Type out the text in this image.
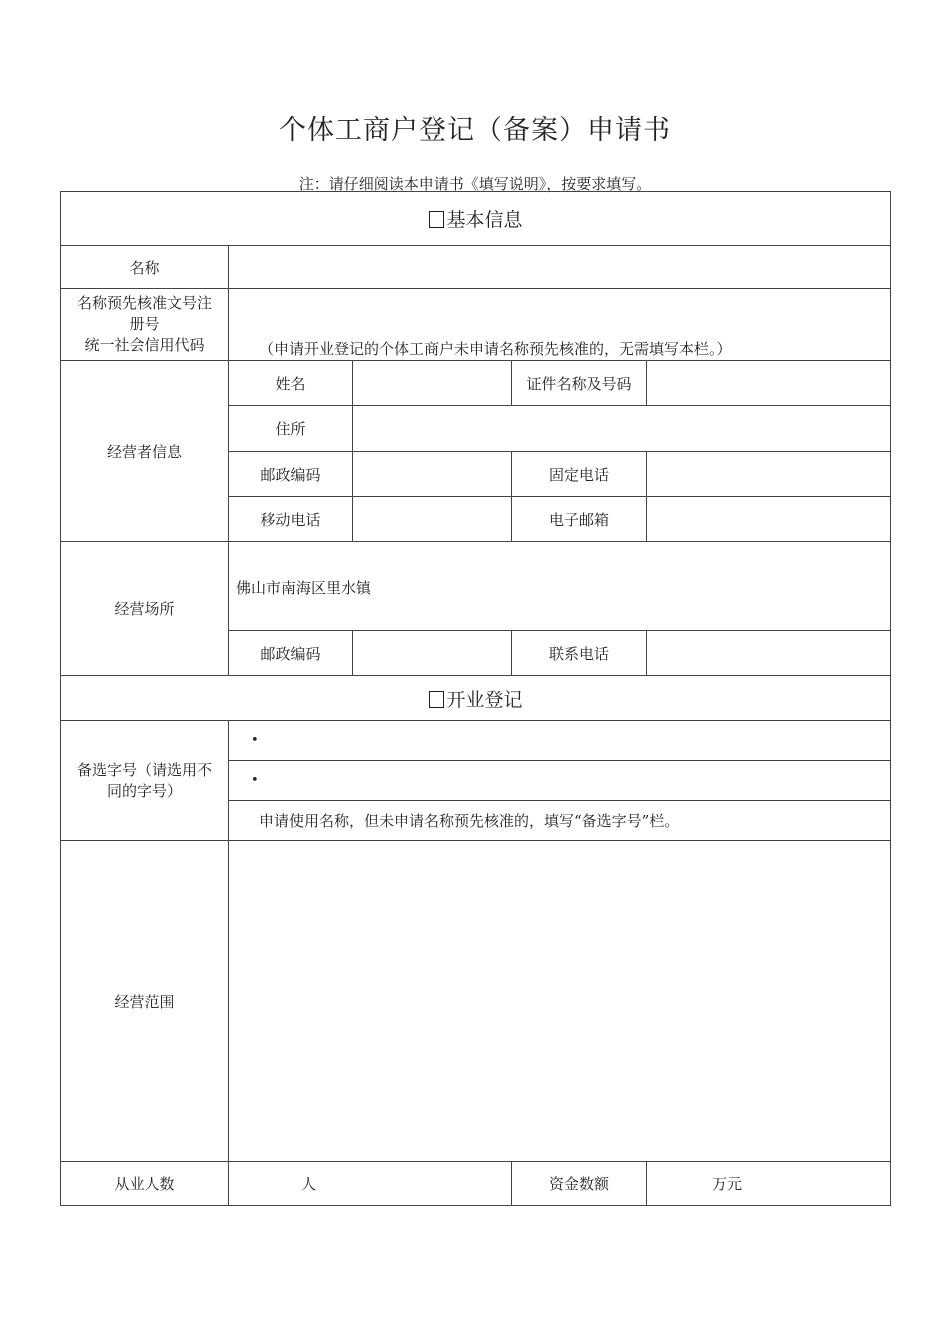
个体工商户登记（备案）申请书
注：请仔细阅读本申请书《填写说明》，按要求填写。
基本信息				
名称				

名称预先核准文号注
册号
统一社会信用代码	（申请开业登记的个体工商户未申请名称预先核准的，无需填写本栏。）			

经营者信息	姓名		证件名称及号码	
	住所			
	邮政编码		固定电话	
	移动电话		电子邮箱	
经营场所	佛山市南海区里水镇			
	邮政编码		联系电话	
开业登记				

备选字号（请选用不
同的字号）	•			
	•			
	申请使用名称，但未申请名称预先核准的，填写“备选字号”栏。			
经营范围				
从业人数	人		资金数额	万元
